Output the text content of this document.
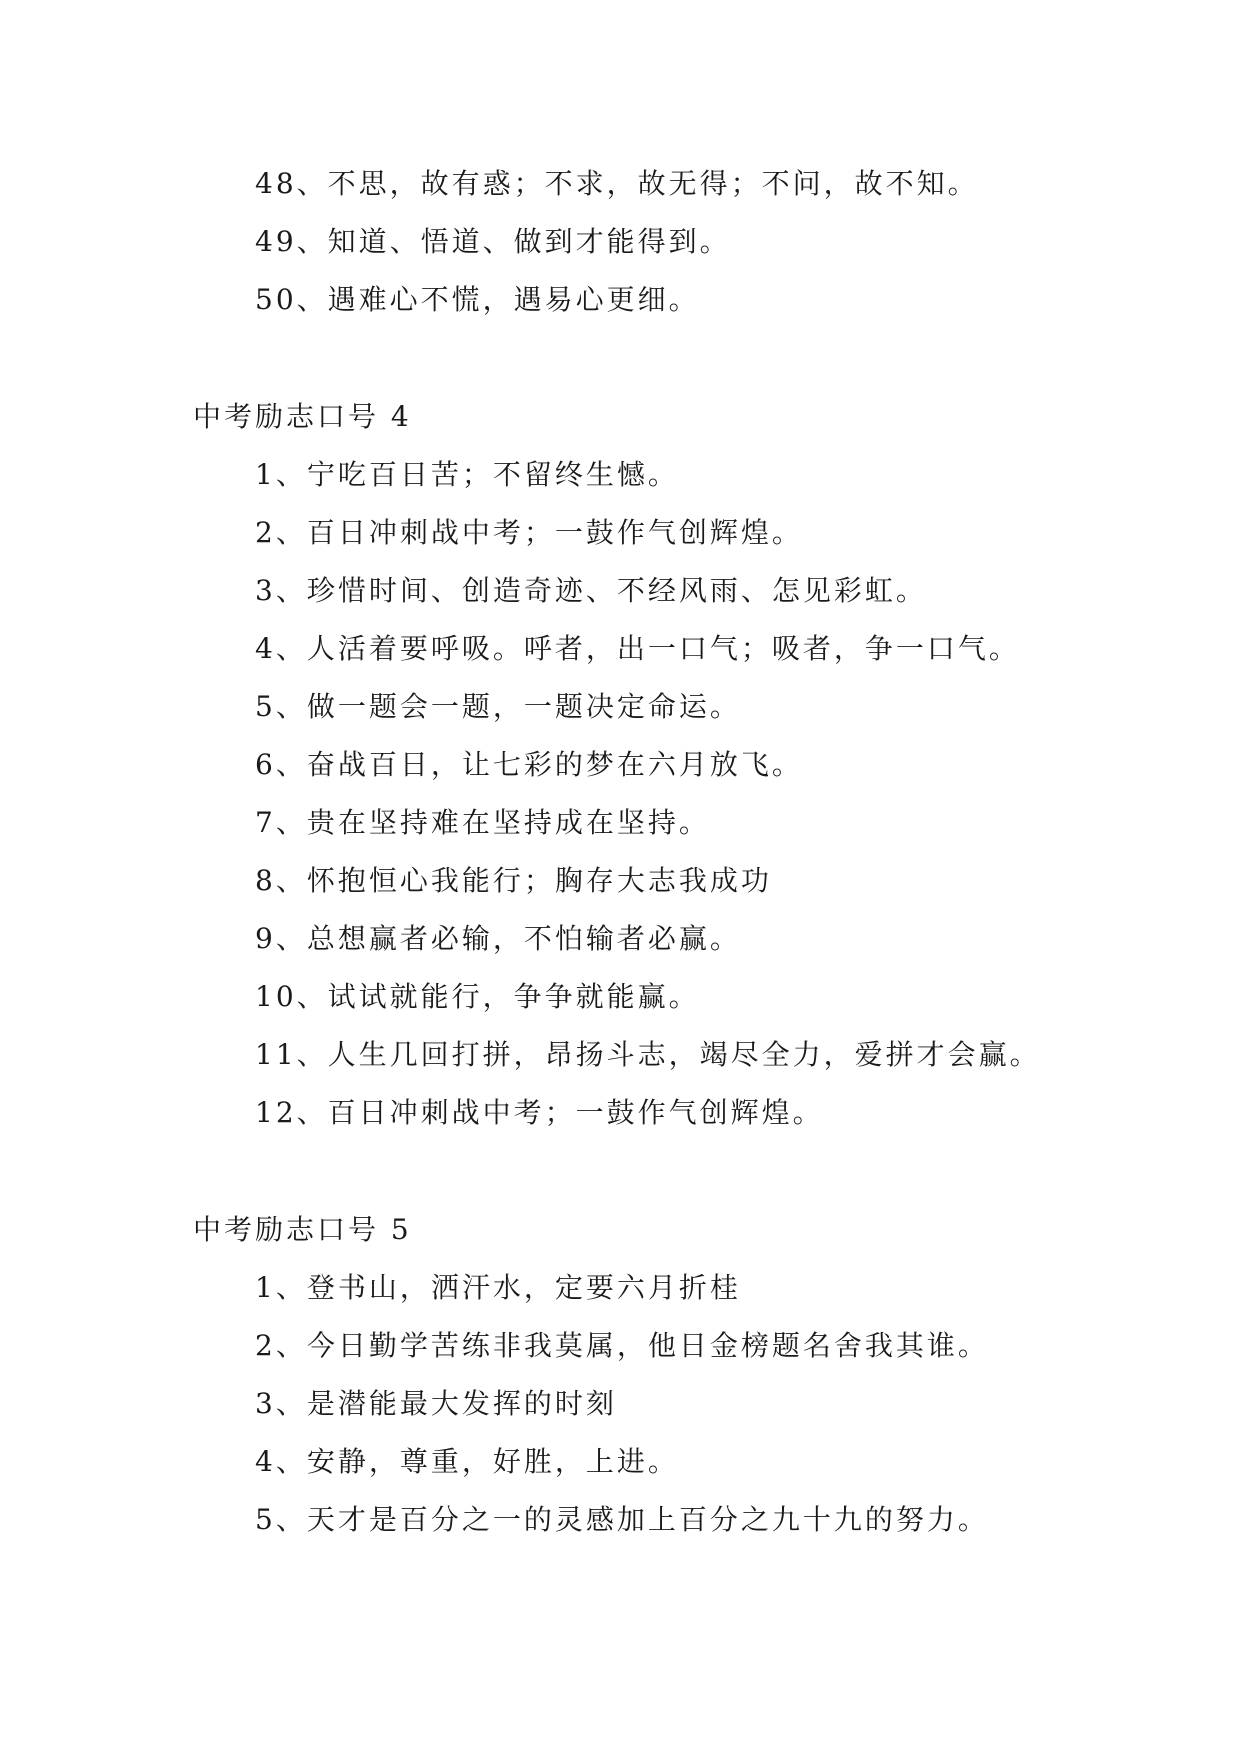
48、不思，故有惑；不求，故无得；不问，故不知。
49、知道、悟道、做到才能得到。
50、遇难心不慌，遇易心更细。
中考励志口号 4
1、宁吃百日苦；不留终生憾。
2、百日冲刺战中考；一鼓作气创辉煌。
3、珍惜时间、创造奇迹、不经风雨、怎见彩虹。
4、人活着要呼吸。呼者，出一口气；吸者，争一口气。
5、做一题会一题，一题决定命运。
6、奋战百日，让七彩的梦在六月放飞。
7、贵在坚持难在坚持成在坚持。
8、怀抱恒心我能行；胸存大志我成功
9、总想赢者必输，不怕输者必赢。
10、试试就能行，争争就能赢。
11、人生几回打拼，昂扬斗志，竭尽全力，爱拼才会赢。
12、百日冲刺战中考；一鼓作气创辉煌。
中考励志口号 5
1、登书山，洒汗水，定要六月折桂
2、今日勤学苦练非我莫属，他日金榜题名舍我其谁。
3、是潜能最大发挥的时刻
4、安静，尊重，好胜，上进。
5、天才是百分之一的灵感加上百分之九十九的努力。
